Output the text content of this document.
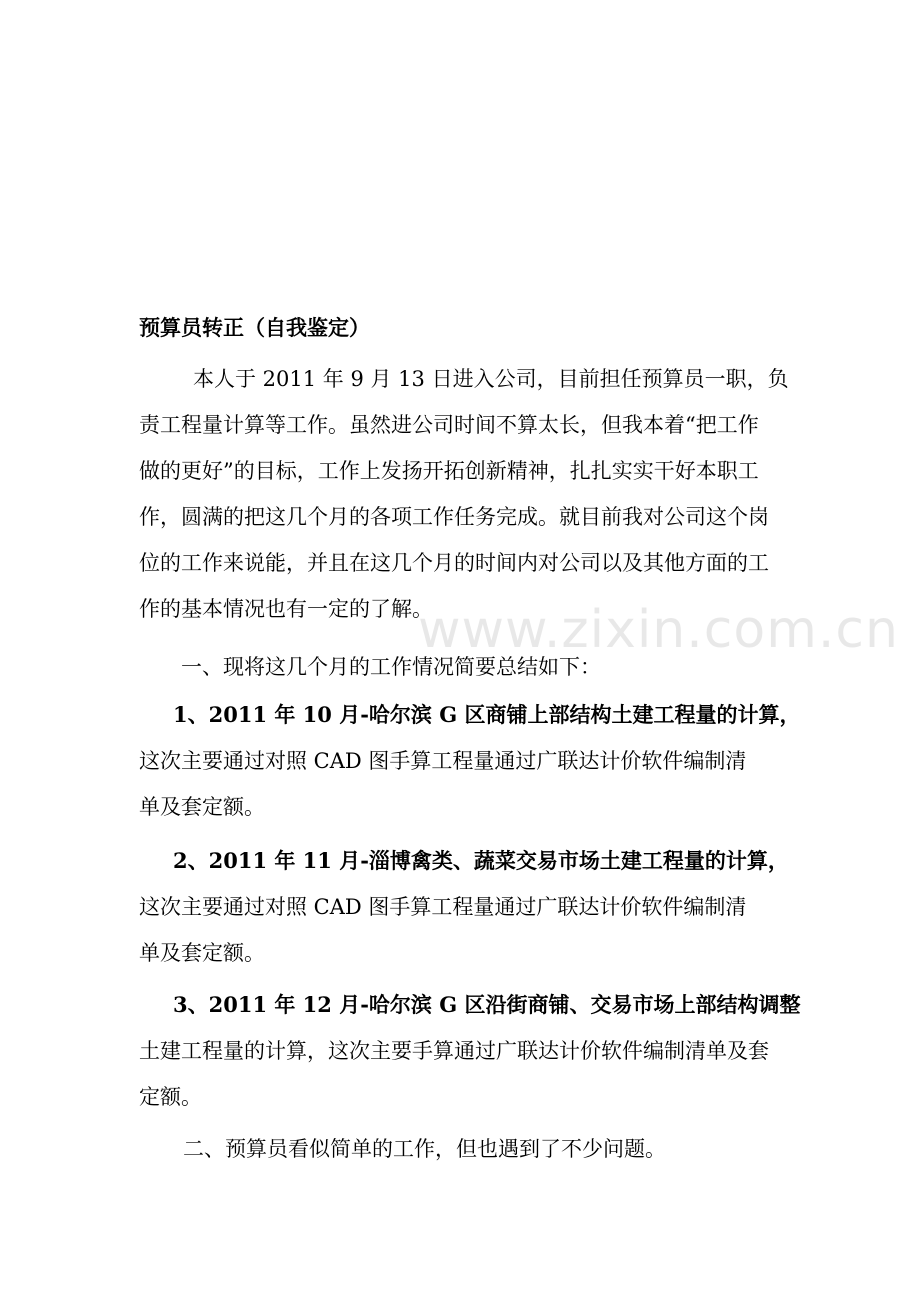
预算员转正（自我鉴定）
本人于 2011 年 9 月 13 日进入公司，目前担任预算员一职，负
责工程量计算等工作。虽然进公司时间不算太长，但我本着“把工作
做的更好”的目标，工作上发扬开拓创新精神，扎扎实实干好本职工
作，圆满的把这几个月的各项工作任务完成。就目前我对公司这个岗
位的工作来说能，并且在这几个月的时间内对公司以及其他方面的工
作的基本情况也有一定的了解。
一、现将这几个月的工作情况简要总结如下：
1、2011 年 10 月-哈尔滨 G 区商铺上部结构土建工程量的计算，
这次主要通过对照 CAD 图手算工程量通过广联达计价软件编制清
单及套定额。
2、2011 年 11 月-淄博禽类、蔬菜交易市场土建工程量的计算，
这次主要通过对照 CAD 图手算工程量通过广联达计价软件编制清
单及套定额。
3、2011 年 12 月-哈尔滨 G 区沿街商铺、交易市场上部结构调整
土建工程量的计算，这次主要手算通过广联达计价软件编制清单及套
定额。
二、预算员看似简单的工作，但也遇到了不少问题。
www.zixin.com.cn
